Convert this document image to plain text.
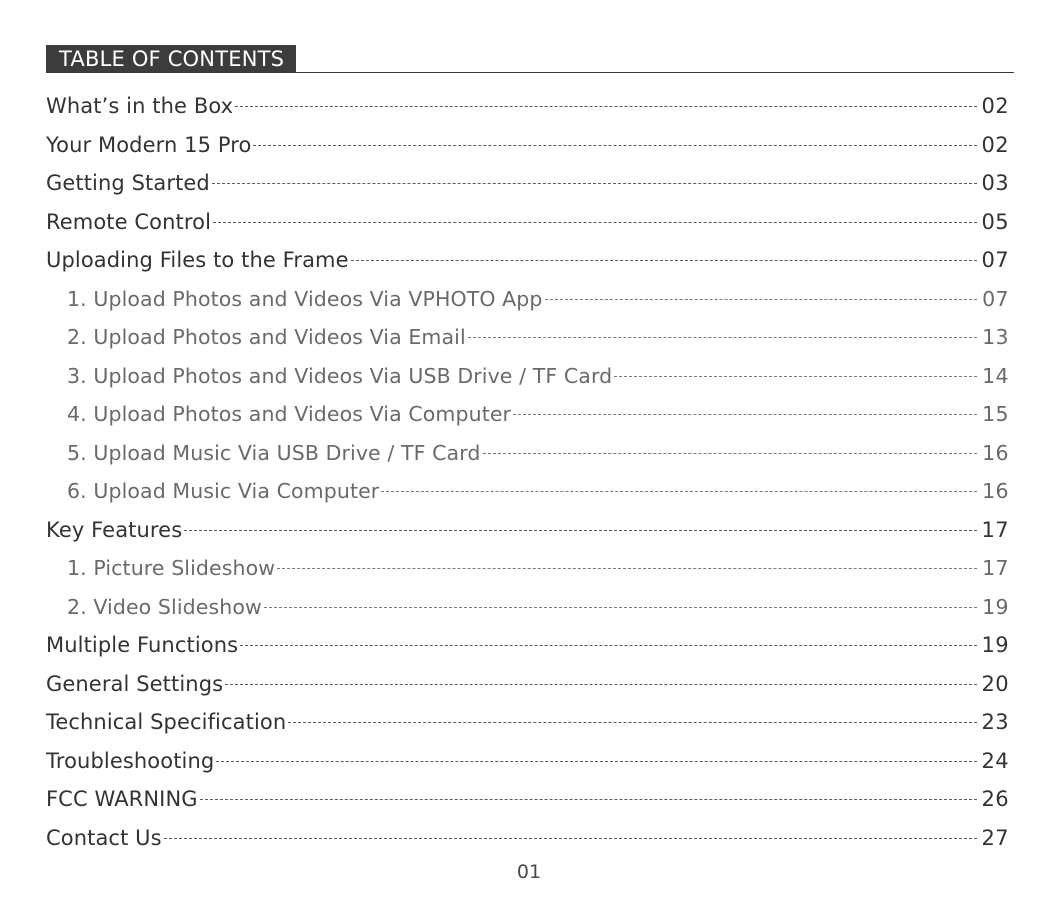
TABLE OF CONTENTS
What’s in the Box	02
Your Modern 15 Pro	02
Getting Started	03
Remote Control	05
Uploading Files to the Frame	07
1. Upload Photos and Videos Via VPHOTO App	07
2. Upload Photos and Videos Via Email	13
3. Upload Photos and Videos Via USB Drive / TF Card	14
4. Upload Photos and Videos Via Computer	15
5. Upload Music Via USB Drive / TF Card	16
6. Upload Music Via Computer	16
Key Features	17
1. Picture Slideshow	17
2. Video Slideshow	19
Multiple Functions	19
General Settings	20
Technical Specification	23
Troubleshooting	24
FCC WARNING	26
Contact Us	27
01
